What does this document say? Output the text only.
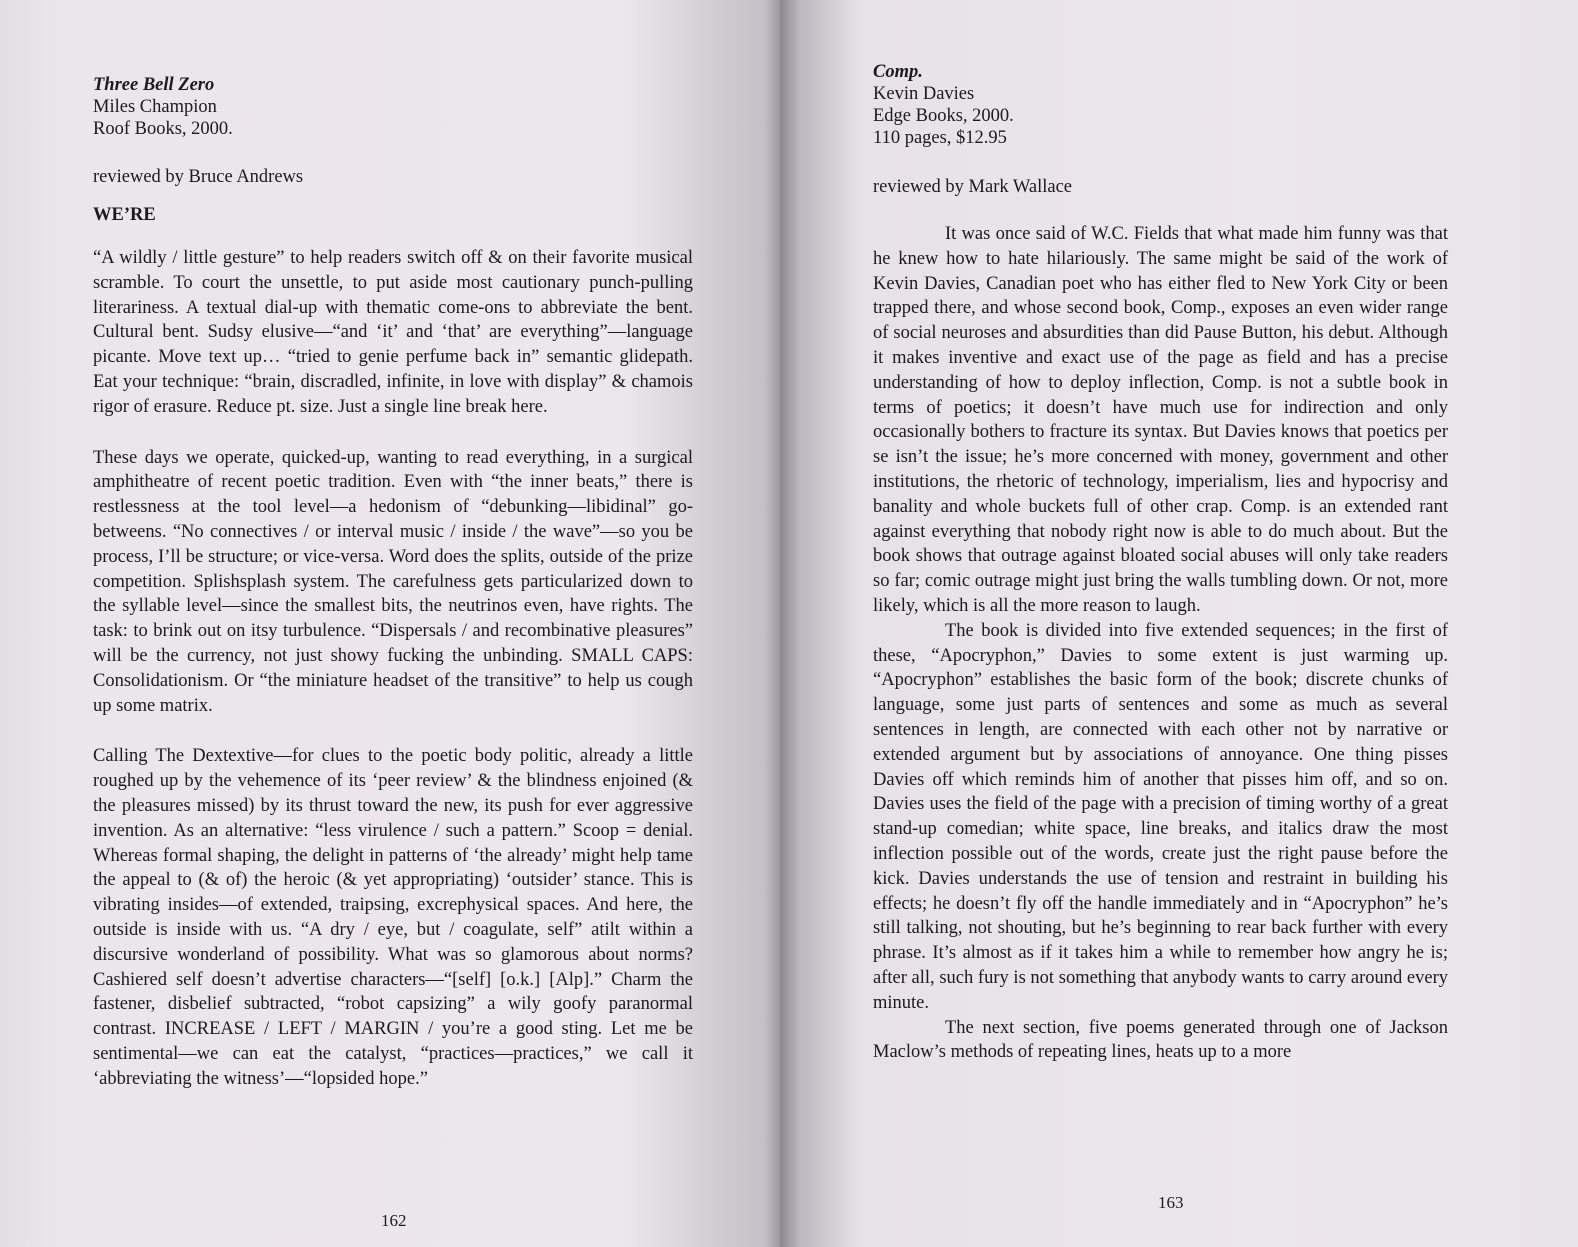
Three Bell Zero
Miles Champion
Roof Books, 2000.
reviewed by Bruce Andrews
WE’RE

“A wildly / little gesture” to help readers switch off & on their favorite musical scramble. To court the unsettle, to put aside most cautionary punch-pulling literariness. A textual dial-up with thematic come-ons to abbreviate the bent. Cultural bent. Sudsy elusive—“and ‘it’ and ‘that’ are everything”—language picante. Move text up… “tried to genie perfume back in” semantic glidepath. Eat your technique: “brain, discradled, infinite, in love with display” & chamois rigor of erasure. Reduce pt. size. Just a single line break here.

These days we operate, quicked-up, wanting to read everything, in a surgical amphitheatre of recent poetic tradition. Even with “the inner beats,” there is restlessness at the tool level—a hedonism of “debunking—libidinal” go-betweens. “No connectives / or interval music / inside / the wave”—so you be process, I’ll be structure; or vice-versa. Word does the splits, outside of the prize competition. Splishsplash system. The carefulness gets particularized down to the syllable level—since the smallest bits, the neutrinos even, have rights. The task: to brink out on itsy turbulence. “Dispersals / and recombinative pleasures” will be the currency, not just showy fucking the unbinding. SMALL CAPS: Consolidationism. Or “the miniature headset of the transitive” to help us cough up some matrix.

Calling The Dextextive—for clues to the poetic body politic, already a little roughed up by the vehemence of its ‘peer review’ & the blindness enjoined (& the pleasures missed) by its thrust toward the new, its push for ever aggressive invention. As an alternative: “less virulence / such a pattern.” Scoop = denial. Whereas formal shaping, the delight in patterns of ‘the already’ might help tame the appeal to (& of) the heroic (& yet appropriating) ‘outsider’ stance. This is vibrating insides—of extended, traipsing, excrephysical spaces. And here, the outside is inside with us. “A dry / eye, but / coagulate, self” atilt within a discursive wonderland of possibility. What was so glamorous about norms? Cashiered self doesn’t advertise characters—“[self] [o.k.] [Alp].” Charm the fastener, disbelief subtracted, “robot capsizing” a wily goofy paranormal contrast. INCREASE / LEFT / MARGIN / you’re a good sting. Let me be sentimental—we can eat the catalyst, “practices—practices,” we call it ‘abbreviating the witness’—“lopsided hope.”

162
Comp.
Kevin Davies
Edge Books, 2000.
110 pages, $12.95
reviewed by Mark Wallace

It was once said of W.C. Fields that what made him funny was that he knew how to hate hilariously. The same might be said of the work of Kevin Davies, Canadian poet who has either fled to New York City or been trapped there, and whose second book, Comp., exposes an even wider range of social neuroses and absurdities than did Pause Button, his debut. Although it makes inventive and exact use of the page as field and has a precise understanding of how to deploy inflection, Comp. is not a subtle book in terms of poetics; it doesn’t have much use for indirection and only occasionally bothers to fracture its syntax. But Davies knows that poetics per se isn’t the issue; he’s more concerned with money, government and other institutions, the rhetoric of technology, imperialism, lies and hypocrisy and banality and whole buckets full of other crap. Comp. is an extended rant against everything that nobody right now is able to do much about. But the book shows that outrage against bloated social abuses will only take readers so far; comic outrage might just bring the walls tumbling down. Or not, more likely, which is all the more reason to laugh.

The book is divided into five extended sequences; in the first of these, “Apocryphon,” Davies to some extent is just warming up. “Apocryphon” establishes the basic form of the book; discrete chunks of language, some just parts of sentences and some as much as several sentences in length, are connected with each other not by narrative or extended argument but by associations of annoyance. One thing pisses Davies off which reminds him of another that pisses him off, and so on. Davies uses the field of the page with a precision of timing worthy of a great stand-up comedian; white space, line breaks, and italics draw the most inflection possible out of the words, create just the right pause before the kick. Davies understands the use of tension and restraint in building his effects; he doesn’t fly off the handle immediately and in “Apocryphon” he’s still talking, not shouting, but he’s beginning to rear back further with every phrase. It’s almost as if it takes him a while to remember how angry he is; after all, such fury is not something that anybody wants to carry around every minute.

The next section, five poems generated through one of Jackson Maclow’s methods of repeating lines, heats up to a more

163
